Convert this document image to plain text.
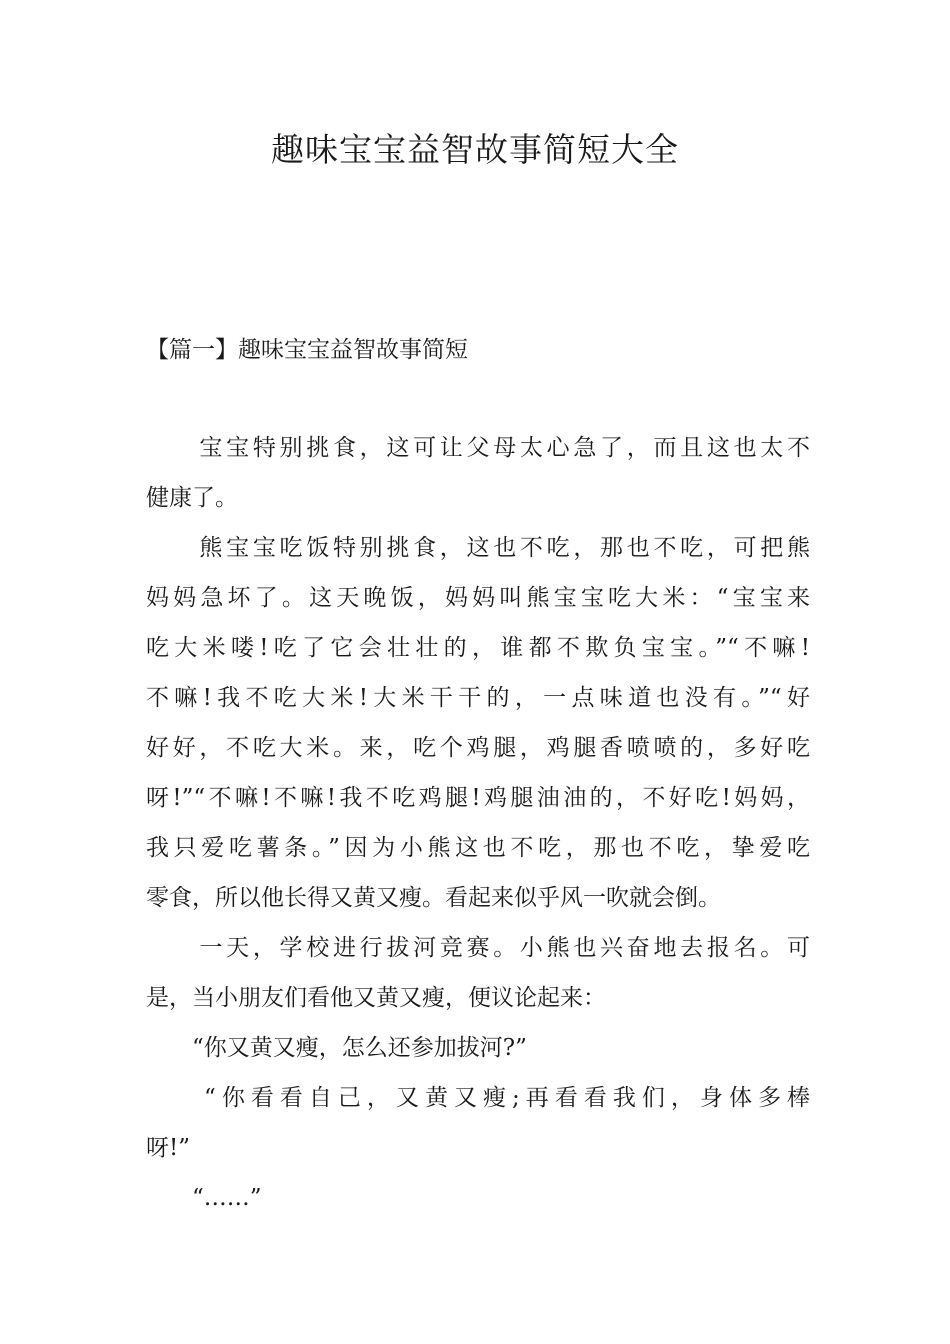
趣味宝宝益智故事简短大全
【篇一】趣味宝宝益智故事简短
　　宝宝特别挑食，这可让父母太心急了，而且这也太不
健康了。
　　熊宝宝吃饭特别挑食，这也不吃，那也不吃，可把熊
妈妈急坏了。这天晚饭，妈妈叫熊宝宝吃大米：“宝宝来
吃大米喽!吃了它会壮壮的，谁都不欺负宝宝。”“不嘛!
不嘛!我不吃大米!大米干干的，一点味道也没有。”“好
好好，不吃大米。来，吃个鸡腿，鸡腿香喷喷的，多好吃
呀!”“不嘛!不嘛!我不吃鸡腿!鸡腿油油的，不好吃!妈妈，
我只爱吃薯条。”因为小熊这也不吃，那也不吃，挚爱吃
零食，所以他长得又黄又瘦。看起来似乎风一吹就会倒。
　　一天，学校进行拔河竞赛。小熊也兴奋地去报名。可
是，当小朋友们看他又黄又瘦，便议论起来：
　　“你又黄又瘦，怎么还参加拔河?”
　　“你看看自己，又黄又瘦;再看看我们，身体多棒
呀!”
　　“……”
